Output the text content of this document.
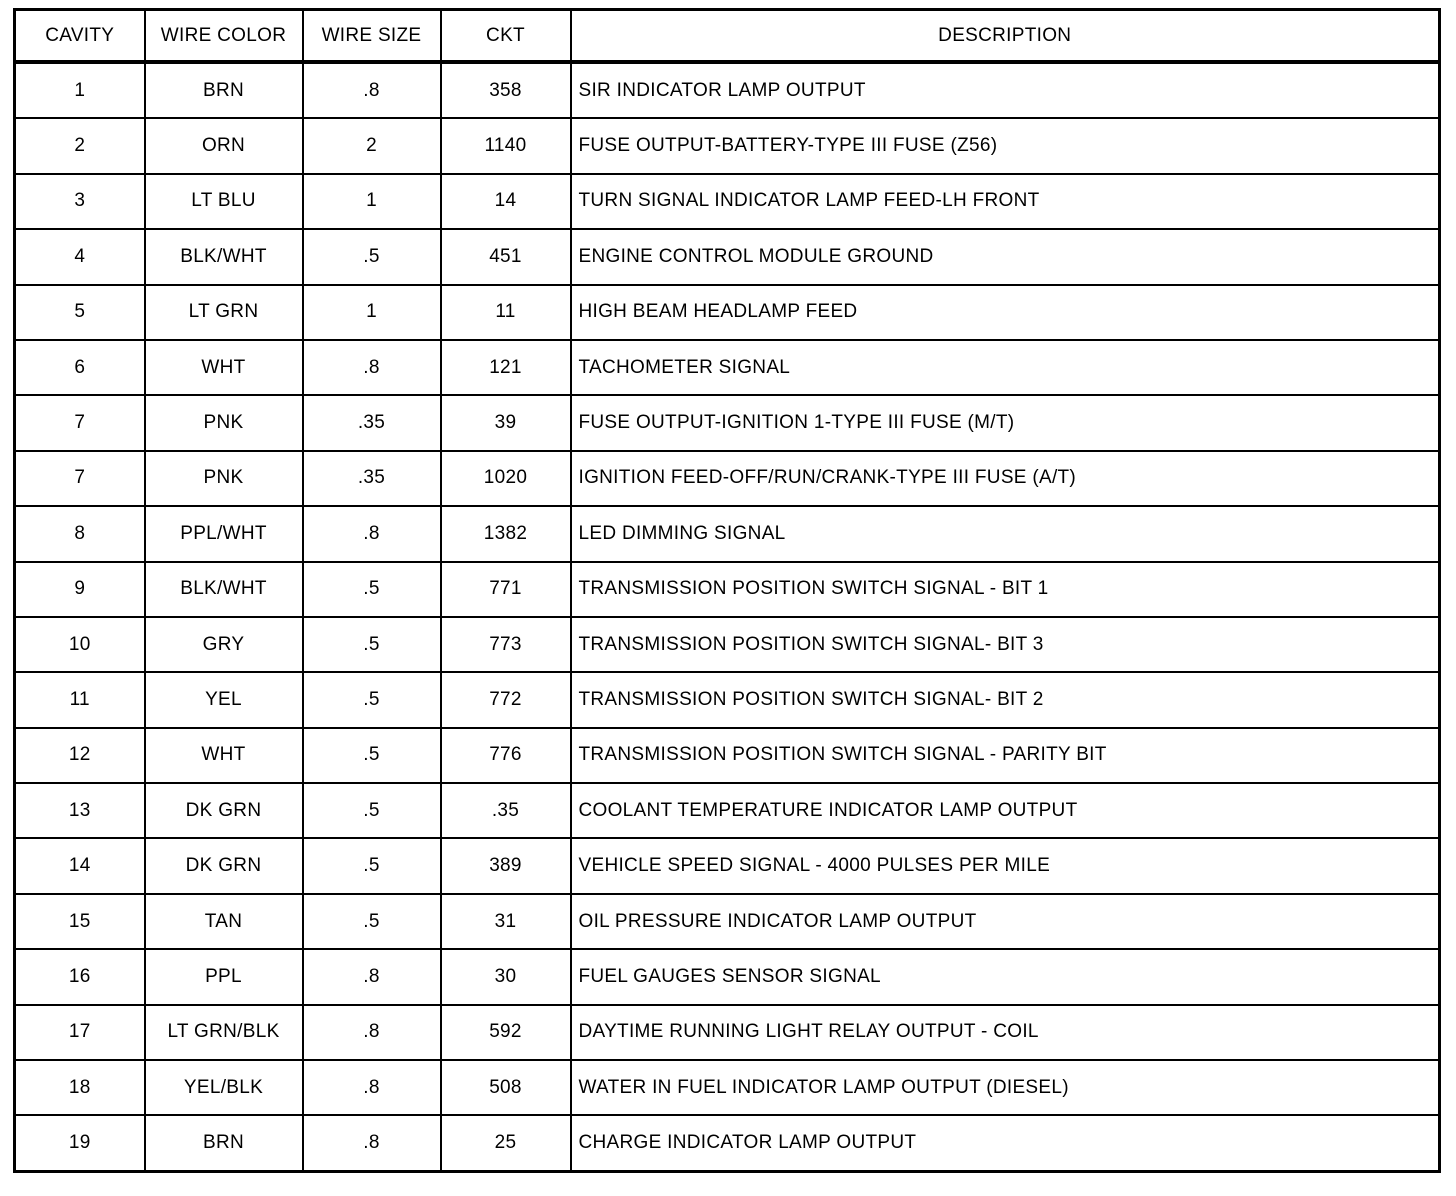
CAVITY	WIRE COLOR	WIRE SIZE	CKT	DESCRIPTION
1	BRN	.8	358	SIR INDICATOR LAMP OUTPUT
2	ORN	2	1140	FUSE OUTPUT-BATTERY-TYPE III FUSE (Z56)
3	LT BLU	1	14	TURN SIGNAL INDICATOR LAMP FEED-LH FRONT
4	BLK/WHT	.5	451	ENGINE CONTROL MODULE GROUND
5	LT GRN	1	11	HIGH BEAM HEADLAMP FEED
6	WHT	.8	121	TACHOMETER SIGNAL
7	PNK	.35	39	FUSE OUTPUT-IGNITION 1-TYPE III FUSE (M/T)
7	PNK	.35	1020	IGNITION FEED-OFF/RUN/CRANK-TYPE III FUSE (A/T)
8	PPL/WHT	.8	1382	LED DIMMING SIGNAL
9	BLK/WHT	.5	771	TRANSMISSION POSITION SWITCH SIGNAL - BIT 1
10	GRY	.5	773	TRANSMISSION POSITION SWITCH SIGNAL- BIT 3
11	YEL	.5	772	TRANSMISSION POSITION SWITCH SIGNAL- BIT 2
12	WHT	.5	776	TRANSMISSION POSITION SWITCH SIGNAL - PARITY BIT
13	DK GRN	.5	.35	COOLANT TEMPERATURE INDICATOR LAMP OUTPUT
14	DK GRN	.5	389	VEHICLE SPEED SIGNAL - 4000 PULSES PER MILE
15	TAN	.5	31	OIL PRESSURE INDICATOR LAMP OUTPUT
16	PPL	.8	30	FUEL GAUGES SENSOR SIGNAL
17	LT GRN/BLK	.8	592	DAYTIME RUNNING LIGHT RELAY OUTPUT - COIL
18	YEL/BLK	.8	508	WATER IN FUEL INDICATOR LAMP OUTPUT (DIESEL)
19	BRN	.8	25	CHARGE INDICATOR LAMP OUTPUT
